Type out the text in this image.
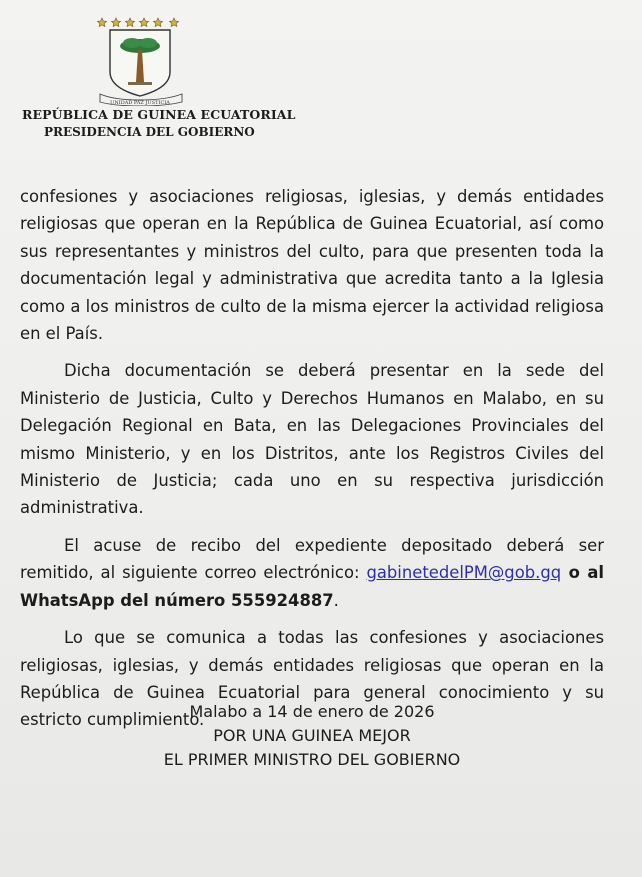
UNIDAD PAZ JUSTICIA
REPÚBLICA DE GUINEA ECUATORIAL
PRESIDENCIA DEL GOBIERNO

confesiones y asociaciones religiosas, iglesias, y demás entidades religiosas que operan en la República de Guinea Ecuatorial, así como sus representantes y ministros del culto, para que presenten toda la documentación legal y administrativa que acredita tanto a la Iglesia como a los ministros de culto de la misma ejercer la actividad religiosa en el País.

Dicha documentación se deberá presentar en la sede del Ministerio de Justicia, Culto y Derechos Humanos en Malabo, en su Delegación Regional en Bata, en las Delegaciones Provinciales del mismo Ministerio, y en los Distritos, ante los Registros Civiles del Ministerio de Justicia; cada uno en su respectiva jurisdicción administrativa.

El acuse de recibo del expediente depositado deberá ser remitido, al siguiente correo electrónico: gabinetedelPM@gob.gq o al WhatsApp del número 555924887.

Lo que se comunica a todas las confesiones y asociaciones religiosas, iglesias, y demás entidades religiosas que operan en la República de Guinea Ecuatorial para general conocimiento y su estricto cumplimiento.

Malabo a 14 de enero de 2026
POR UNA GUINEA MEJOR
EL PRIMER MINISTRO DEL GOBIERNO
